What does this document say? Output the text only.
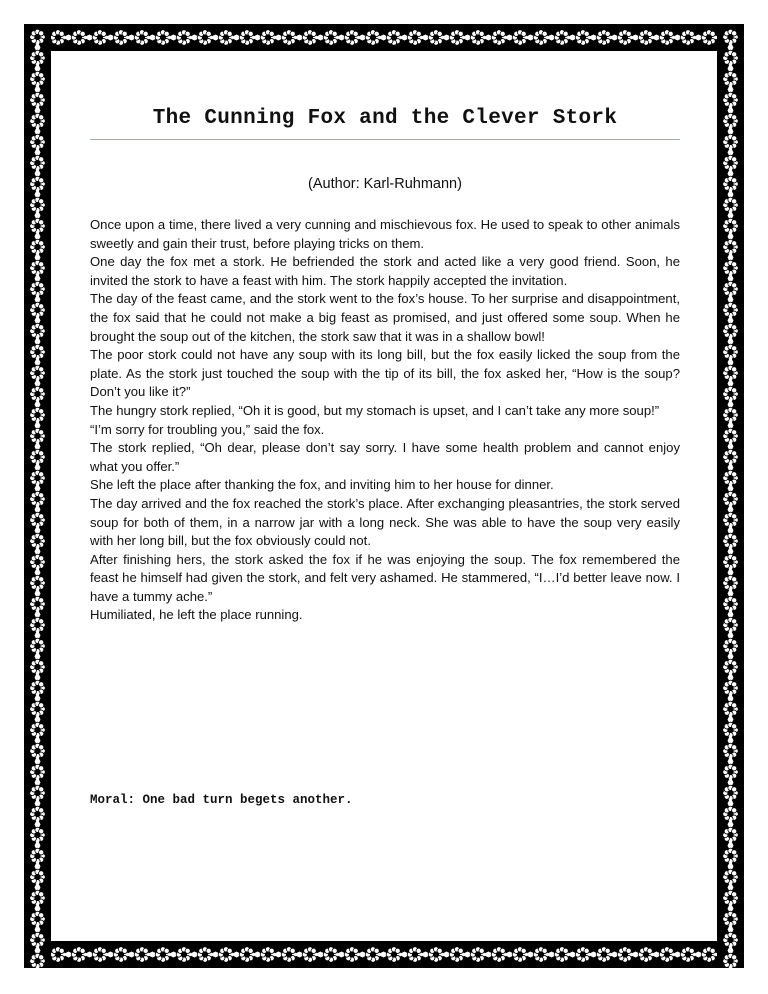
The Cunning Fox and the Clever Stork
(Author: Karl-Ruhmann)

Once upon a time, there lived a very cunning and mischievous fox. He used to speak to other animals sweetly and gain their trust, before playing tricks on them.

One day the fox met a stork. He befriended the stork and acted like a very good friend. Soon, he invited the stork to have a feast with him. The stork happily accepted the invitation.

The day of the feast came, and the stork went to the fox’s house. To her surprise and disappointment, the fox said that he could not make a big feast as promised, and just offered some soup. When he brought the soup out of the kitchen, the stork saw that it was in a shallow bowl!

The poor stork could not have any soup with its long bill, but the fox easily licked the soup from the plate. As the stork just touched the soup with the tip of its bill, the fox asked her, “How is the soup? Don’t you like it?”

The hungry stork replied, “Oh it is good, but my stomach is upset, and I can’t take any more soup!”

“I’m sorry for troubling you,” said the fox.

The stork replied, “Oh dear, please don’t say sorry. I have some health problem and cannot enjoy what you offer.”

She left the place after thanking the fox, and inviting him to her house for dinner.

The day arrived and the fox reached the stork’s place. After exchanging pleasantries, the stork served soup for both of them, in a narrow jar with a long neck. She was able to have the soup very easily with her long bill, but the fox obviously could not.

After finishing hers, the stork asked the fox if he was enjoying the soup. The fox remembered the feast he himself had given the stork, and felt very ashamed. He stammered, “I…I’d better leave now. I have a tummy ache.”

Humiliated, he left the place running.

Moral: One bad turn begets another.
